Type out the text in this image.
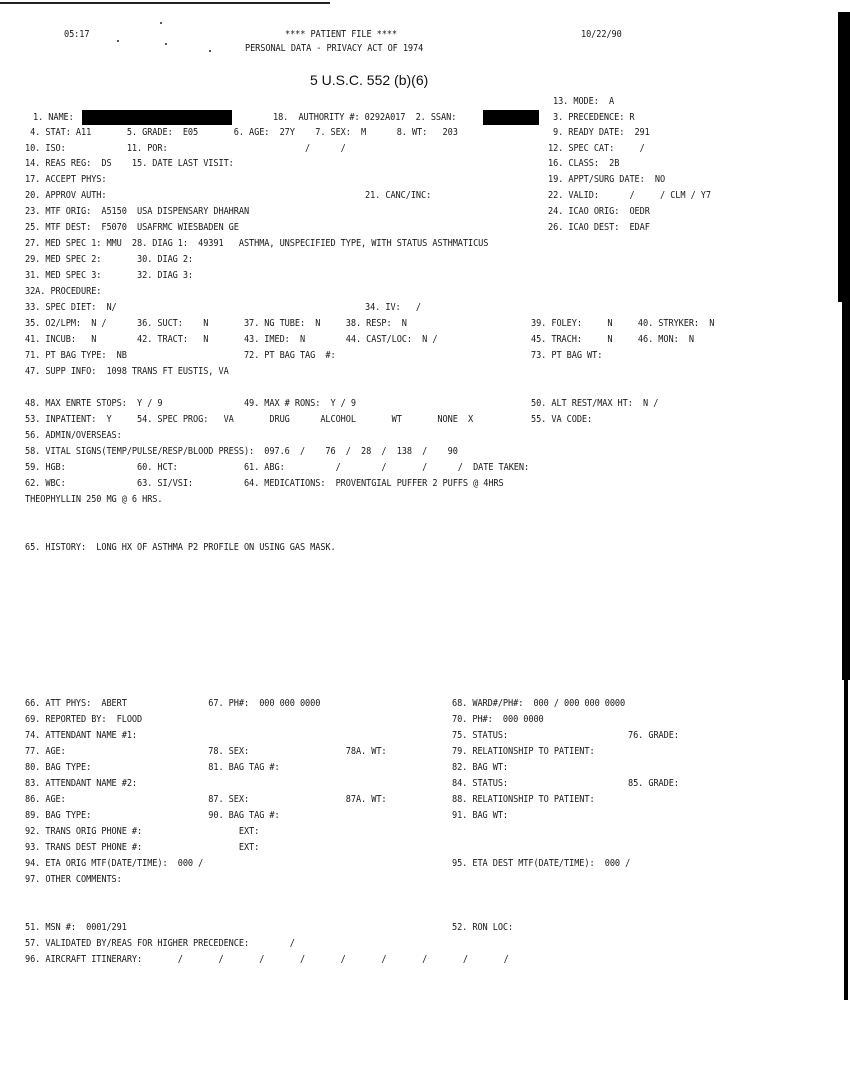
05:17	**** PATIENT FILE ****	10/22/90
PERSONAL DATA - PRIVACY ACT OF 1974
5 U.S.C. 552 (b)(6)
13. MODE:  A
1. NAME:	18.  AUTHORITY #: 0292A017  2. SSAN:	3. PRECEDENCE: R
4. STAT: A11       5. GRADE:  E05       6. AGE:  27Y    7. SEX:  M      8. WT:   203	9. READY DATE:  291
10. ISO:            11. POR:                           /      /	12. SPEC CAT:     /
14. REAS REG:  DS    15. DATE LAST VISIT:	16. CLASS:  2B
17. ACCEPT PHYS:	19. APPT/SURG DATE:  NO
20. APPROV AUTH:	21. CANC/INC:	22. VALID:      /     / CLM / Y7
23. MTF ORIG:  A5150  USA DISPENSARY DHAHRAN	24. ICAO ORIG:  OEDR
25. MTF DEST:  F5070  USAFRMC WIESBADEN GE	26. ICAO DEST:  EDAF
27. MED SPEC 1: MMU  28. DIAG 1:  49391   ASTHMA, UNSPECIFIED TYPE, WITH STATUS ASTHMATICUS
29. MED SPEC 2:       30. DIAG 2:
31. MED SPEC 3:       32. DIAG 3:
32A. PROCEDURE:
33. SPEC DIET:  N/	34. IV:   /
35. O2/LPM:  N /      36. SUCT:    N       37. NG TUBE:  N     38. RESP:  N	39. FOLEY:     N     40. STRYKER:  N
41. INCUB:   N        42. TRACT:   N       43. IMED:  N        44. CAST/LOC:  N /	45. TRACH:     N     46. MON:  N
71. PT BAG TYPE:  NB                       72. PT BAG TAG  #:	73. PT BAG WT:
47. SUPP INFO:  1098 TRANS FT EUSTIS, VA
48. MAX ENRTE STOPS:  Y / 9                49. MAX # RONS:  Y / 9	50. ALT REST/MAX HT:  N /
53. INPATIENT:  Y     54. SPEC PROG:   VA       DRUG      ALCOHOL       WT       NONE  X	55. VA CODE:
56. ADMIN/OVERSEAS:
58. VITAL SIGNS(TEMP/PULSE/RESP/BLOOD PRESS):  097.6  /    76  /  28  /  138  /    90
59. HGB:              60. HCT:             61. ABG:          /        /       /      /  DATE TAKEN:
62. WBC:              63. SI/VSI:          64. MEDICATIONS:  PROVENTGIAL PUFFER 2 PUFFS @ 4HRS
THEOPHYLLIN 250 MG @ 6 HRS.
65. HISTORY:  LONG HX OF ASTHMA P2 PROFILE ON USING GAS MASK.
66. ATT PHYS:  ABERT                67. PH#:  000 000 0000	68. WARD#/PH#:  000 / 000 000 0000
69. REPORTED BY:  FLOOD	70. PH#:  000 0000
74. ATTENDANT NAME #1:	75. STATUS:	76. GRADE:
77. AGE:                            78. SEX:                   78A. WT:	79. RELATIONSHIP TO PATIENT:
80. BAG TYPE:                       81. BAG TAG #:	82. BAG WT:
83. ATTENDANT NAME #2:	84. STATUS:	85. GRADE:
86. AGE:                            87. SEX:                   87A. WT:	88. RELATIONSHIP TO PATIENT:
89. BAG TYPE:                       90. BAG TAG #:	91. BAG WT:
92. TRANS ORIG PHONE #:                   EXT:
93. TRANS DEST PHONE #:                   EXT:
94. ETA ORIG MTF(DATE/TIME):  000 /	95. ETA DEST MTF(DATE/TIME):  000 /
97. OTHER COMMENTS:
51. MSN #:  0001/291	52. RON LOC:
57. VALIDATED BY/REAS FOR HIGHER PRECEDENCE:        /
96. AIRCRAFT ITINERARY:       /       /       /       /       /       /       /       /       /
